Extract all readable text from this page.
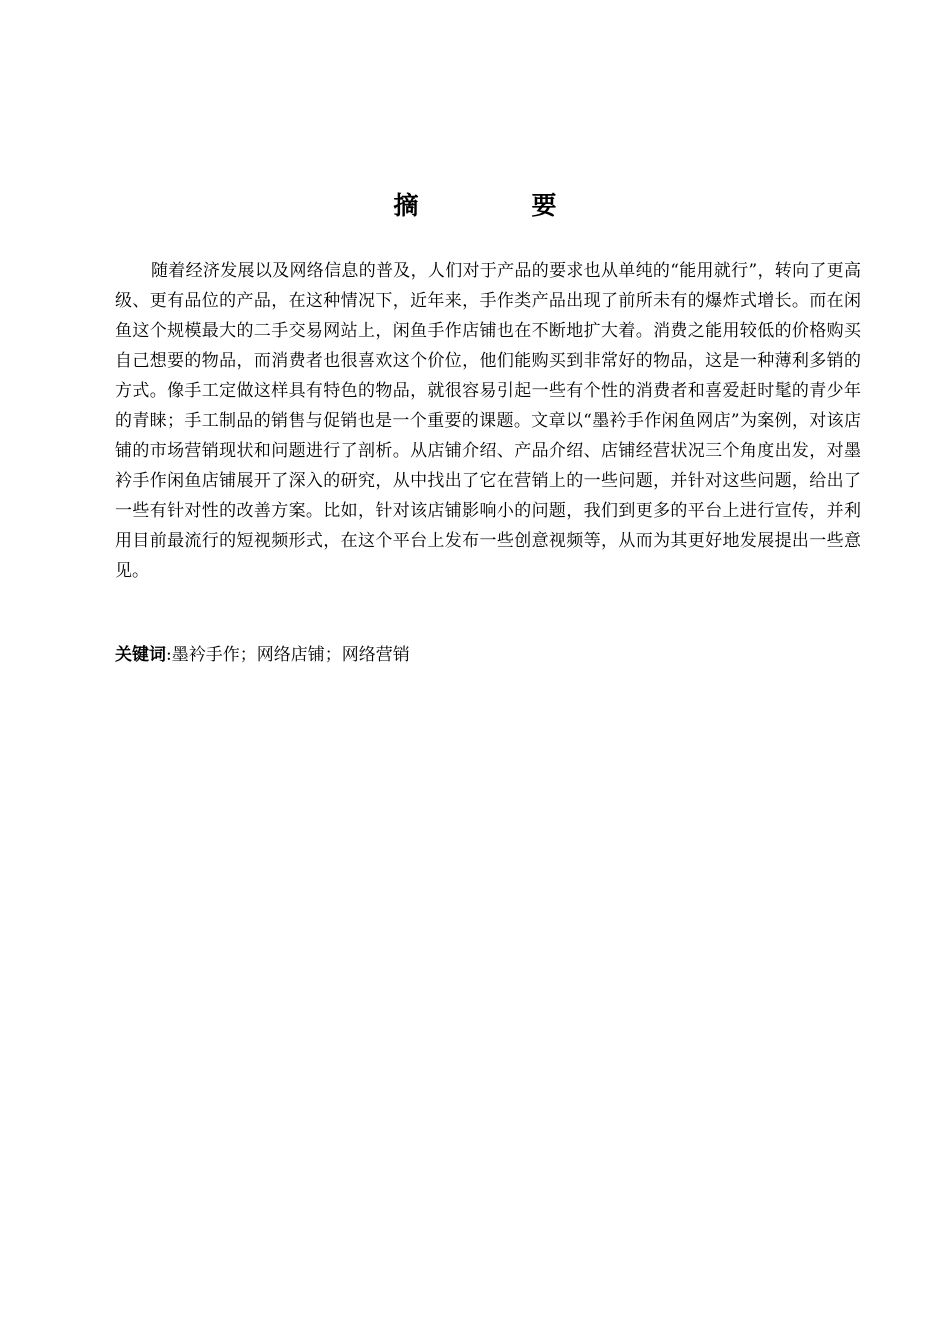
摘　要

随着经济发展以及网络信息的普及，人们对于产品的要求也从单纯的“能用就行”，转向了更高级、更有品位的产品，在这种情况下，近年来，手作类产品出现了前所未有的爆炸式增长。而在闲鱼这个规模最大的二手交易网站上，闲鱼手作店铺也在不断地扩大着。消费之能用较低的价格购买自己想要的物品，而消费者也很喜欢这个价位，他们能购买到非常好的物品，这是一种薄利多销的方式。像手工定做这样具有特色的物品，就很容易引起一些有个性的消费者和喜爱赶时髦的青少年的青睐；手工制品的销售与促销也是一个重要的课题。文章以“墨衿手作闲鱼网店”为案例，对该店铺的市场营销现状和问题进行了剖析。从店铺介绍、产品介绍、店铺经营状况三个角度出发，对墨衿手作闲鱼店铺展开了深入的研究，从中找出了它在营销上的一些问题，并针对这些问题，给出了一些有针对性的改善方案。比如，针对该店铺影响小的问题，我们到更多的平台上进行宣传，并利用目前最流行的短视频形式，在这个平台上发布一些创意视频等，从而为其更好地发展提出一些意见。

关键词:墨衿手作；网络店铺；网络营销
